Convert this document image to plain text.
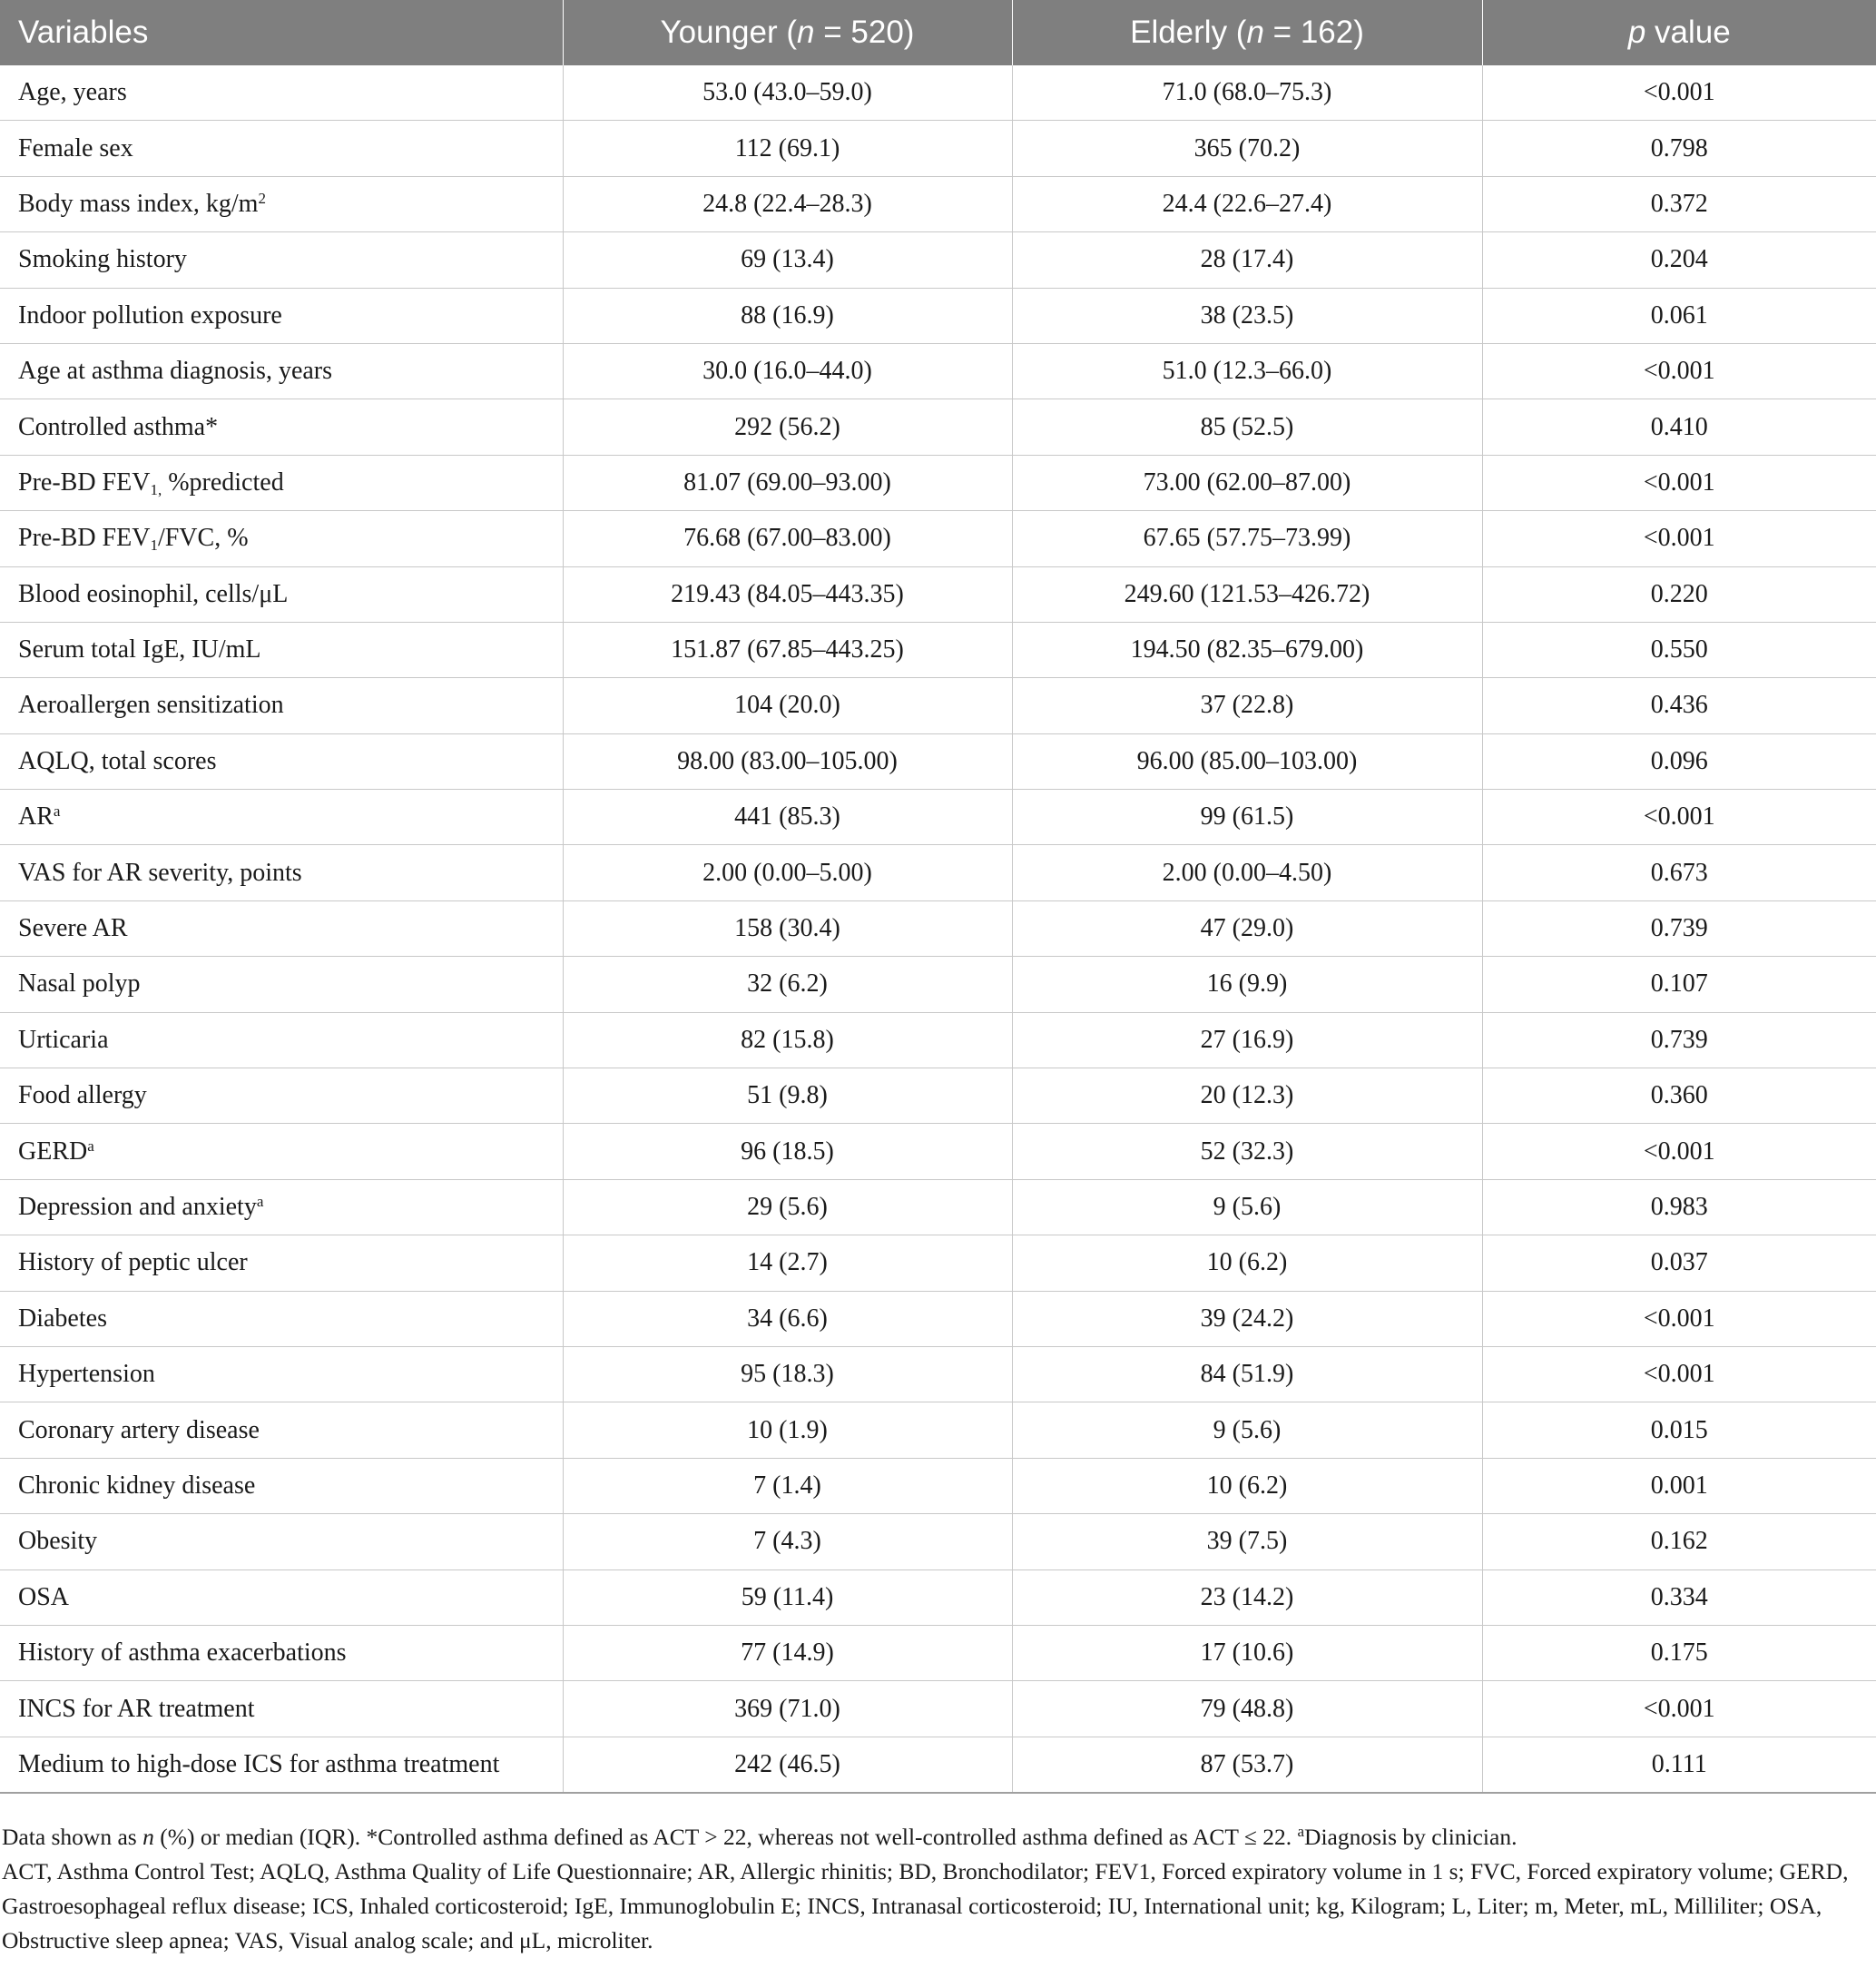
Variables	Younger (n = 520)	Elderly (n = 162)	p value
Age, years	53.0 (43.0–59.0)	71.0 (68.0–75.3)	<0.001
Female sex	112 (69.1)	365 (70.2)	0.798
Body mass index, $kg/m^2$	24.8 (22.4–28.3)	24.4 (22.6–27.4)	0.372
Smoking history	69 (13.4)	28 (17.4)	0.204
Indoor pollution exposure	88 (16.9)	38 (23.5)	0.061
Age at asthma diagnosis, years	30.0 (16.0–44.0)	51.0 (12.3–66.0)	<0.001
Controlled asthma*	292 (56.2)	85 (52.5)	0.410
Pre-BD $FEV_{1,}$ %predicted	81.07 (69.00–93.00)	73.00 (62.00–87.00)	<0.001
Pre-BD $FEV_1$/FVC, %	76.68 (67.00–83.00)	67.65 (57.75–73.99)	<0.001
Blood eosinophil, cells/μL	219.43 (84.05–443.35)	249.60 (121.53–426.72)	0.220
Serum total IgE, IU/mL	151.87 (67.85–443.25)	194.50 (82.35–679.00)	0.550
Aeroallergen sensitization	104 (20.0)	37 (22.8)	0.436
AQLQ, total scores	98.00 (83.00–105.00)	96.00 (85.00–103.00)	0.096
$AR^a$	441 (85.3)	99 (61.5)	<0.001
VAS for AR severity, points	2.00 (0.00–5.00)	2.00 (0.00–4.50)	0.673
Severe AR	158 (30.4)	47 (29.0)	0.739
Nasal polyp	32 (6.2)	16 (9.9)	0.107
Urticaria	82 (15.8)	27 (16.9)	0.739
Food allergy	51 (9.8)	20 (12.3)	0.360
GERD$^a$	96 (18.5)	52 (32.3)	<0.001
Depression and anxiety$^a$	29 (5.6)	9 (5.6)	0.983
History of peptic ulcer	14 (2.7)	10 (6.2)	0.037
Diabetes	34 (6.6)	39 (24.2)	<0.001
Hypertension	95 (18.3)	84 (51.9)	<0.001
Coronary artery disease	10 (1.9)	9 (5.6)	0.015
Chronic kidney disease	7 (1.4)	10 (6.2)	0.001
Obesity	7 (4.3)	39 (7.5)	0.162
OSA	59 (11.4)	23 (14.2)	0.334
History of asthma exacerbations	77 (14.9)	17 (10.6)	0.175
INCS for AR treatment	369 (71.0)	79 (48.8)	<0.001
Medium to high-dose ICS for asthma treatment	242 (46.5)	87 (53.7)	0.111

Data shown as n (%) or median (IQR). *Controlled asthma defined as ACT > 22, whereas not well-controlled asthma defined as ACT ≤ 22. $^a$Diagnosis by clinician.

ACT, Asthma Control Test; AQLQ, Asthma Quality of Life Questionnaire; AR, Allergic rhinitis; BD, Bronchodilator; FEV1, Forced expiratory volume in 1 s; FVC, Forced expiratory volume; GERD, Gastroesophageal reflux disease; ICS, Inhaled corticosteroid; IgE, Immunoglobulin E; INCS, Intranasal corticosteroid; IU, International unit; kg, Kilogram; L, Liter; m, Meter, mL, Milliliter; OSA, Obstructive sleep apnea; VAS, Visual analog scale; and μL, microliter.
